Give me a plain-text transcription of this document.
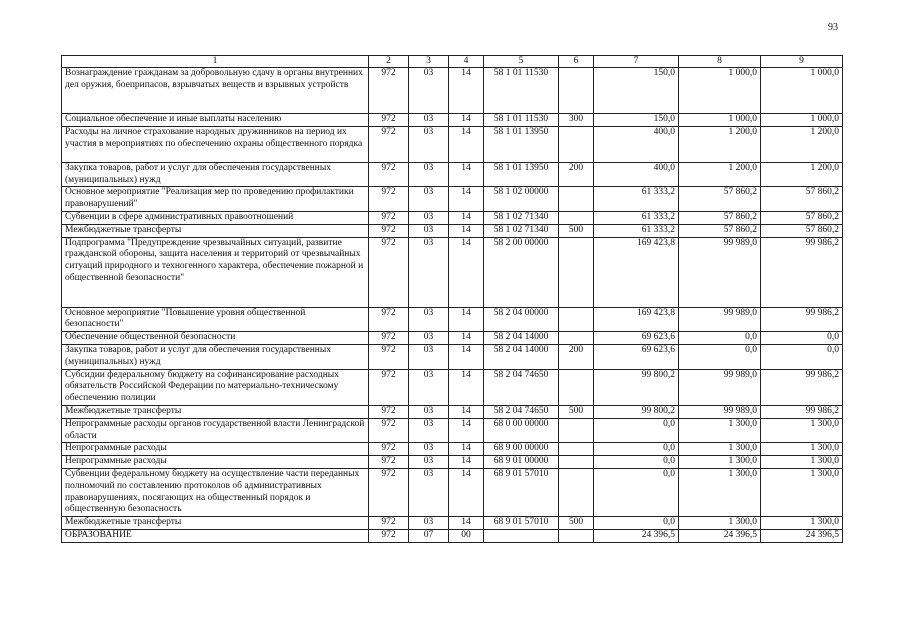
93
1	2	3	4	5	6	7	8	9
Вознаграждение гражданам за добровольную сдачу в органы внутренних дел оружия, боеприпасов, взрывчатых веществ и взрывных устройств	972	03	14	58 1 01 11530		150,0	1 000,0	1 000,0
Социальное обеспечение и иные выплаты населению	972	03	14	58 1 01 11530	300	150,0	1 000,0	1 000,0
Расходы на личное страхование народных дружинников на период их участия в мероприятиях по обеспечению охраны общественного порядка	972	03	14	58 1 01 13950		400,0	1 200,0	1 200,0
Закупка товаров, работ и услуг для обеспечения государственных (муниципальных) нужд	972	03	14	58 1 01 13950	200	400,0	1 200,0	1 200,0
Основное мероприятие "Реализация мер по проведению профилактики правонарушений"	972	03	14	58 1 02 00000		61 333,2	57 860,2	57 860,2
Субвенции в сфере административных правоотношений	972	03	14	58 1 02 71340		61 333,2	57 860,2	57 860,2
Межбюджетные трансферты	972	03	14	58 1 02 71340	500	61 333,2	57 860,2	57 860,2
Подпрограмма "Предупреждение чрезвычайных ситуаций, развитие гражданской обороны, защита населения и территорий от чрезвычайных ситуаций природного и техногенного характера, обеспечение пожарной и общественной безопасности"	972	03	14	58 2 00 00000		169 423,8	99 989,0	99 986,2
Основное мероприятие "Повышение уровня общественной безопасности"	972	03	14	58 2 04 00000		169 423,8	99 989,0	99 986,2
Обеспечение общественной безопасности	972	03	14	58 2 04 14000		69 623,6	0,0	0,0
Закупка товаров, работ и услуг для обеспечения государственных (муниципальных) нужд	972	03	14	58 2 04 14000	200	69 623,6	0,0	0,0
Субсидии федеральному бюджету на софинансирование расходных обязательств Российской Федерации по материально-техническому обеспечению полиции	972	03	14	58 2 04 74650		99 800,2	99 989,0	99 986,2
Межбюджетные трансферты	972	03	14	58 2 04 74650	500	99 800,2	99 989,0	99 986,2
Непрограммные расходы органов государственной власти Ленинградской области	972	03	14	68 0 00 00000		0,0	1 300,0	1 300,0
Непрограммные расходы	972	03	14	68 9 00 00000		0,0	1 300,0	1 300,0
Непрограммные расходы	972	03	14	68 9 01 00000		0,0	1 300,0	1 300,0
Субвенции федеральному бюджету на осуществление части переданных полномочий по составлению протоколов об административных правонарушениях, посягающих на общественный порядок и общественную безопасность	972	03	14	68 9 01 57010		0,0	1 300,0	1 300,0
Межбюджетные трансферты	972	03	14	68 9 01 57010	500	0,0	1 300,0	1 300,0
ОБРАЗОВАНИЕ	972	07	00			24 396,5	24 396,5	24 396,5
